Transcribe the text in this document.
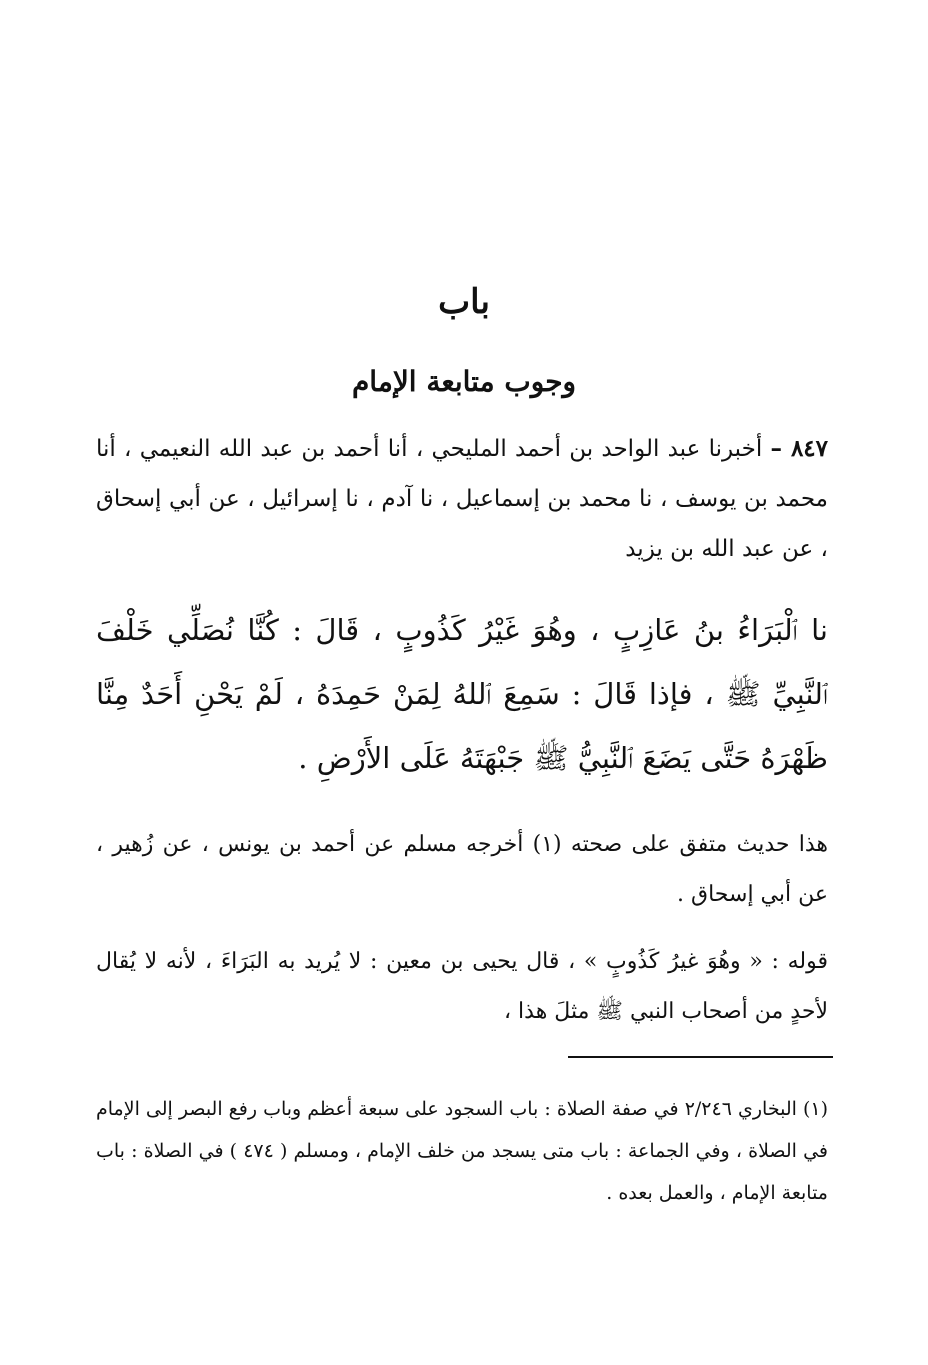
باب
وجوب متابعة الإمام

٨٤٧ – أخبرنا عبد الواحد بن أحمد المليحي ، أنا أحمد بن عبد الله النعيمي ، أنا محمد بن يوسف ، نا محمد بن إسماعيل ، نا آدم ، نا إسرائيل ، عن أبي إسحاق ، عن عبد الله بن يزيد

نا ٱلْبَرَاءُ بنُ عَازِبٍ ، وهُوَ غَيْرُ كَذُوبٍ ، قَالَ : كُنَّا نُصَلِّي خَلْفَ ٱلنَّبِيِّ ﷺ ، فإذا قَالَ : سَمِعَ ٱللهُ لِمَنْ حَمِدَهُ ، لَمْ يَحْنِ أَحَدٌ مِنَّا ظَهْرَهُ حَتَّى يَضَعَ ٱلنَّبِيُّ ﷺ جَبْهَتَهُ عَلَى الأَرْضِ .

هذا حديث متفق على صحته (١) أخرجه مسلم عن أحمد بن يونس ، عن زُهير ، عن أبي إسحاق .

قوله : « وهُوَ غيرُ كَذُوبٍ » ، قال يحيى بن معين : لا يُريد به البَرَاءَ ، لأنه لا يُقال لأحدٍ من أصحاب النبي ﷺ مثلَ هذا ،

(١) البخاري ٢/٢٤٦ في صفة الصلاة : باب السجود على سبعة أعظم وباب رفع البصر إلى الإمام في الصلاة ، وفي الجماعة : باب متى يسجد من خلف الإمام ، ومسلم ( ٤٧٤ ) في الصلاة : باب متابعة الإمام ، والعمل بعده .
